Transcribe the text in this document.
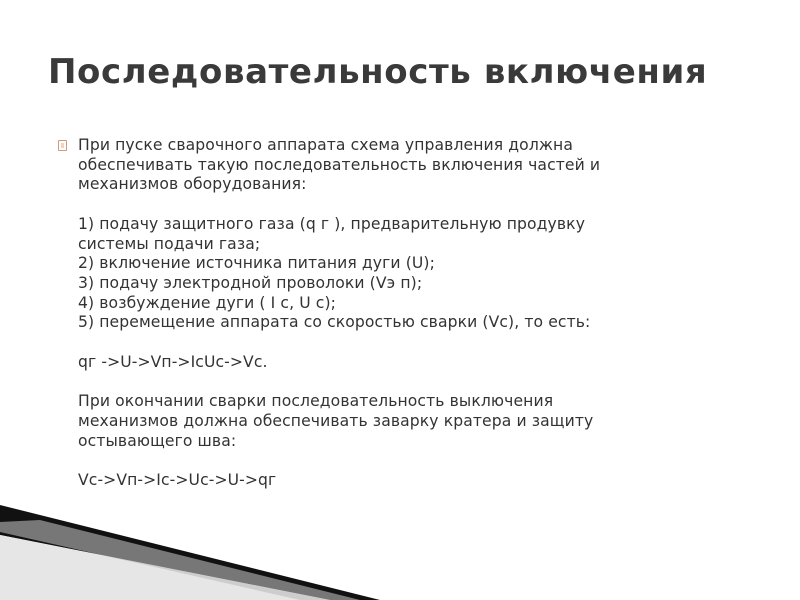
Последовательность включения
При пуске сварочного аппарата схема управления должна
обеспечивать такую последовательность включения частей и
механизмов оборудования:
1) подачу защитного газа (q г ), предварительную продувку
системы подачи газа;
2) включение источника питания дуги (U);
3) подачу электродной проволоки (Vэ п);
4) возбуждение дуги ( I с, U с);
5) перемещение аппарата со скоростью сварки (Vс), то есть:
qг ->U->Vп->IсUс->Vс.
При окончании сварки последовательность выключения
механизмов должна обеспечивать заварку кратера и защиту
остывающего шва:
Vс->Vп->Iс->Uс->U->qг
